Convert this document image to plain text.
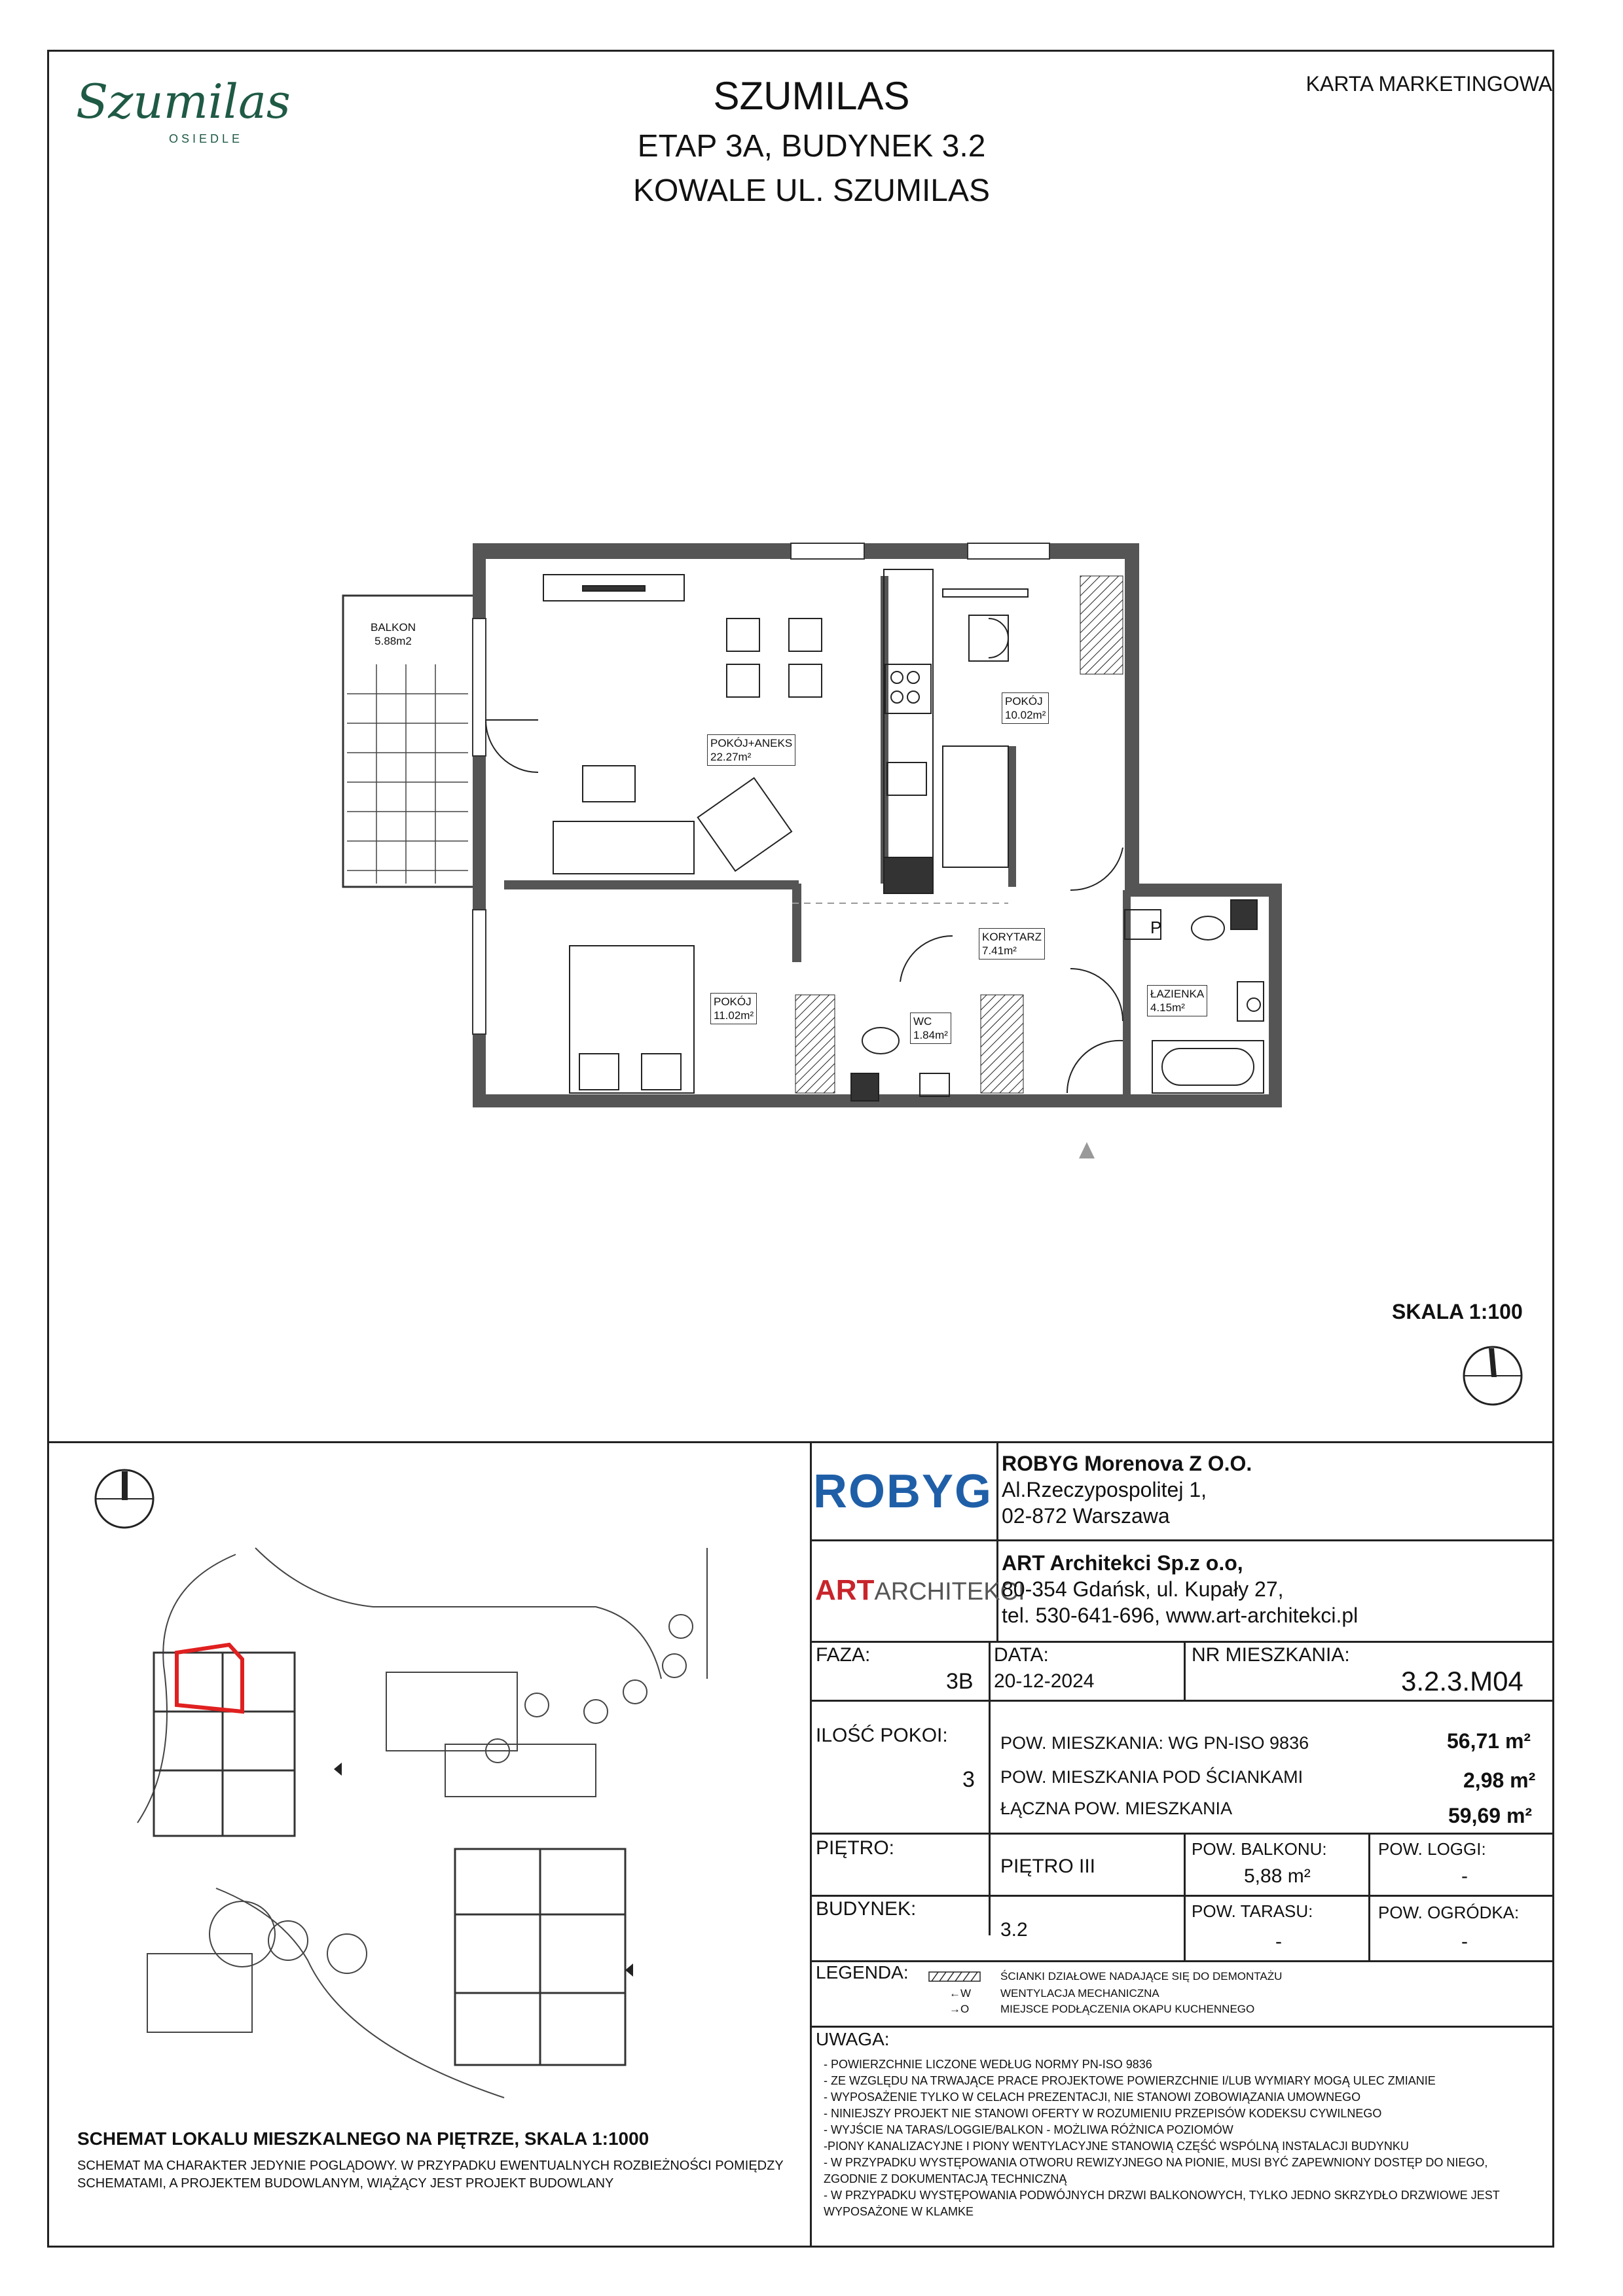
Szumilas
OSIEDLE
SZUMILAS
ETAP 3A, BUDYNEK 3.2
KOWALE UL. SZUMILAS
KARTA MARKETINGOWA
BALKON
5.88m2
POKÓJ+ANEKS
22.27m²
POKÓJ
10.02m²
KORYTARZ
7.41m²
POKÓJ
11.02m²	WC
1.84m²
ŁAZIENKA
4.15m²
P
SKALA 1:100
SCHEMAT LOKALU MIESZKALNEGO NA PIĘTRZE, SKALA 1:1000
SCHEMAT MA CHARAKTER JEDYNIE POGLĄDOWY. W PRZYPADKU EWENTUALNYCH ROZBIEŻNOŚCI POMIĘDZY SCHEMATAMI, A PROJEKTEM BUDOWLANYM, WIĄŻĄCY JEST PROJEKT BUDOWLANY
ROBYG
ROBYG Morenova Z O.O.
Al.Rzeczypospolitej 1,
02-872 Warszawa
ARTARCHITEKCI
ART Architekci Sp.z o.o,
80-354 Gdańsk, ul. Kupały 27,
tel. 530-641-696, www.art-architekci.pl
FAZA:
3B
DATA:
20-12-2024
NR MIESZKANIA:
3.2.3.M04
ILOŚĆ POKOI:
3
POW. MIESZKANIA: WG PN-ISO 9836	56,71 m²
POW. MIESZKANIA POD ŚCIANKAMI	2,98 m²
ŁĄCZNA POW. MIESZKANIA	59,69 m²
PIĘTRO:
PIĘTRO III
POW. BALKONU:
5,88 m²
POW. LOGGI:
-
BUDYNEK:
3.2
POW. TARASU:
-
POW. OGRÓDKA:
-
LEGENDA:	ŚCIANKI DZIAŁOWE NADAJĄCE SIĘ DO DEMONTAŻU
←W	WENTYLACJA MECHANICZNA
→O	MIEJSCE PODŁĄCZENIA OKAPU KUCHENNEGO
UWAGA:
- POWIERZCHNIE LICZONE WEDŁUG NORMY PN-ISO 9836
- ZE WZGLĘDU NA TRWAJĄCE PRACE PROJEKTOWE POWIERZCHNIE I/LUB WYMIARY MOGĄ ULEC ZMIANIE
- WYPOSAŻENIE TYLKO W CELACH PREZENTACJI, NIE STANOWI ZOBOWIĄZANIA UMOWNEGO
- NINIEJSZY PROJEKT NIE STANOWI OFERTY W ROZUMIENIU PRZEPISÓW KODEKSU CYWILNEGO
- WYJŚCIE NA TARAS/LOGGIE/BALKON - MOŻLIWA RÓŻNICA POZIOMÓW
-PIONY KANALIZACYJNE I PIONY WENTYLACYJNE STANOWIĄ CZĘŚĆ WSPÓLNĄ INSTALACJI BUDYNKU
- W PRZYPADKU WYSTĘPOWANIA OTWORU REWIZYJNEGO NA PIONIE, MUSI BYĆ ZAPEWNIONY DOSTĘP DO NIEGO, ZGODNIE Z DOKUMENTACJĄ TECHNICZNĄ
- W PRZYPADKU WYSTĘPOWANIA PODWÓJNYCH DRZWI BALKONOWYCH, TYLKO JEDNO SKRZYDŁO DRZWIOWE JEST WYPOSAŻONE W KLAMKE
